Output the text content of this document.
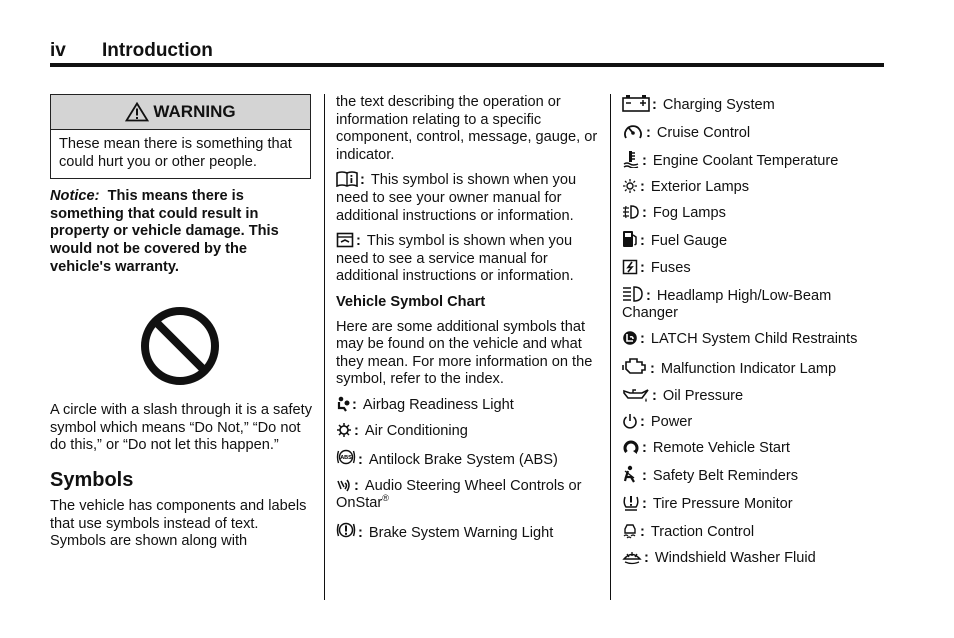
iv Introduction
WARNING
These mean there is something that could hurt you or other people.
Notice: This means there is something that could result in property or vehicle damage. This would not be covered by the vehicle's warranty.

A circle with a slash through it is a safety symbol which means “Do Not,” “Do not do this,” or “Do not let this happen.”

Symbols

The vehicle has components and labels that use symbols instead of text. Symbols are shown along with

the text describing the operation or information relating to a specific component, control, message, gauge, or indicator.

: This symbol is shown when you need to see your owner manual for additional instructions or information.
: This symbol is shown when you need to see a service manual for additional instructions or information.
Vehicle Symbol Chart

Here are some additional symbols that may be found on the vehicle and what they mean. For more information on the symbol, refer to the index.

: Airbag Readiness Light
: Air Conditioning
ABS : Antilock Brake System (ABS)
: Audio Steering Wheel Controls or OnStar®
: Brake System Warning Light
: Charging System
: Cruise Control
: Engine Coolant Temperature
: Exterior Lamps
: Fog Lamps
: Fuel Gauge
: Fuses
: Headlamp High/Low-Beam Changer
: LATCH System Child Restraints
: Malfunction Indicator Lamp
: Oil Pressure
: Power
: Remote Vehicle Start
: Safety Belt Reminders
: Tire Pressure Monitor
: Traction Control
: Windshield Washer Fluid
